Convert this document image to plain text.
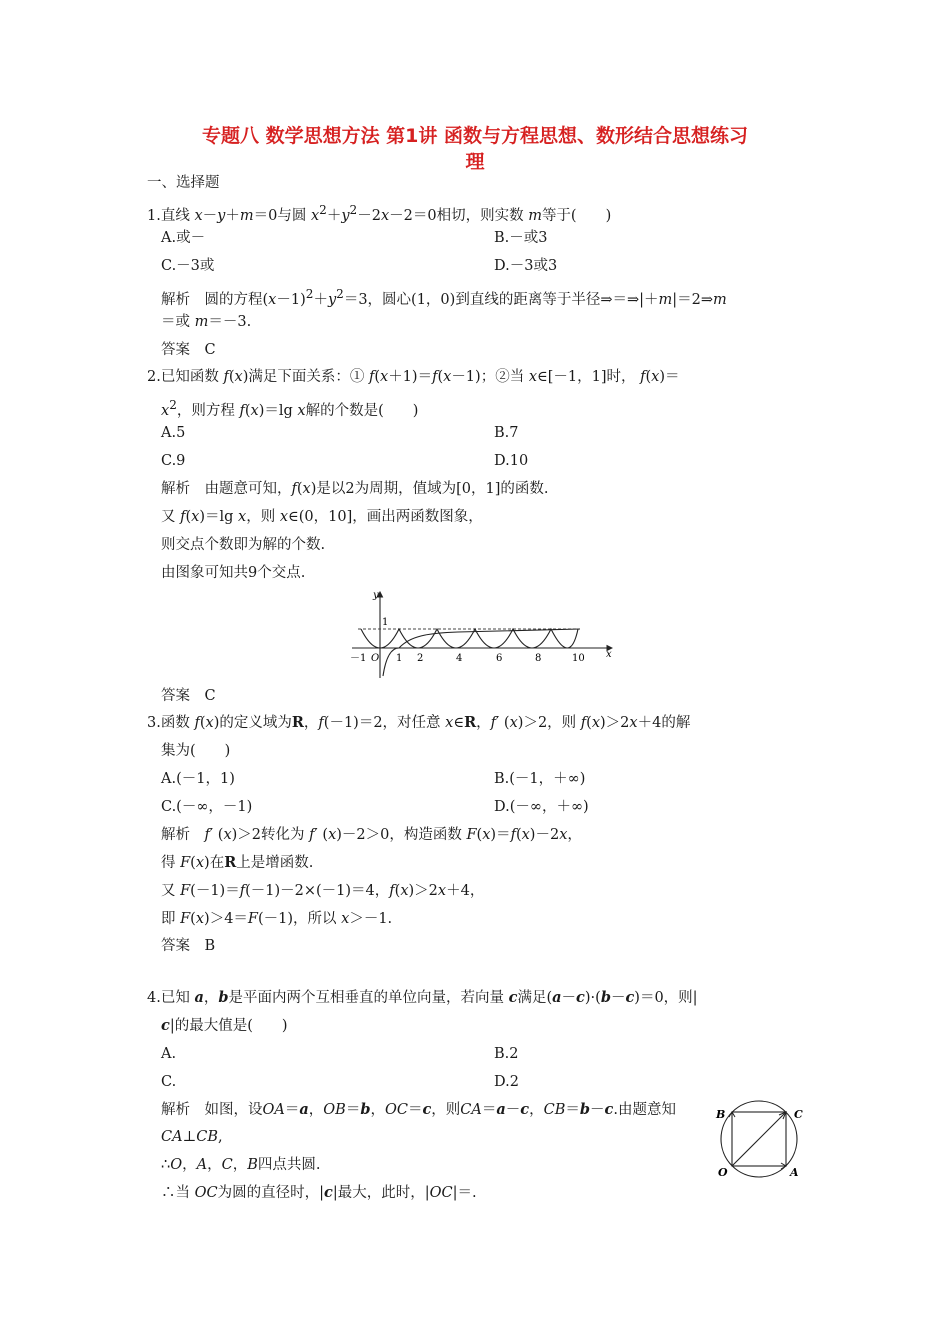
专题八 数学思想方法 第1讲 函数与方程思想、数形结合思想练习
理
一、选择题
1.直线 x－y＋m＝0与圆 $x^2+y^2-2x-2=0$相切，则实数 m等于(　　)
A.或－	B.－或3
C.－3或	D.－3或3
解析　圆的方程$(x-1)^2+y^2=3$，圆心(1，0)到直线的距离等于半径⇒＝⇒|＋m|＝2⇒m
＝或 m＝－3.
答案　C
2.已知函数 f(x)满足下面关系：① f(x＋1)＝f(x－1)；②当 x∈[－1，1]时， f(x)＝
$x^2$，则方程 f(x)＝lg x解的个数是(　　)
A.5	B.7
C.9	D.10
解析　由题意可知，f(x)是以2为周期，值域为[0，1]的函数.
又 f(x)＝lg x，则 x∈(0，10]，画出两函数图象，
则交点个数即为解的个数.
由图象可知共9个交点.
y
1
－1 O 1 2	4	6	8	10 x
答案　C
3.函数 f(x)的定义域为R，f(－1)＝2，对任意 x∈R，f′ (x)＞2，则 f(x)＞2x＋4的解
集为(　　)
A.(－1，1)	B.(－1，＋∞)
C.(－∞，－1)	D.(－∞，＋∞)
解析　f′ (x)＞2转化为 f′ (x)－2＞0，构造函数 F(x)＝f(x)－2x，
得 F(x)在R上是增函数.
又 F(－1)＝f(－1)－2×(－1)＝4，f(x)＞2x＋4，
即 F(x)＞4＝F(－1)，所以 x＞－1.
答案　B
4.已知 a，b是平面内两个互相垂直的单位向量，若向量 c满足(a－c)·(b－c)＝0，则|
c|的最大值是(　　)
A.	B.2
C.	D.2
解析　如图，设OA＝a，OB＝b，OC＝c，则CA＝a－c，CB＝b－c.由题意知
CA⊥CB,
∴O，A，C，B四点共圆.
∴当 OC为圆的直径时，|c|最大，此时，|OC|＝.
B	C
O	A
